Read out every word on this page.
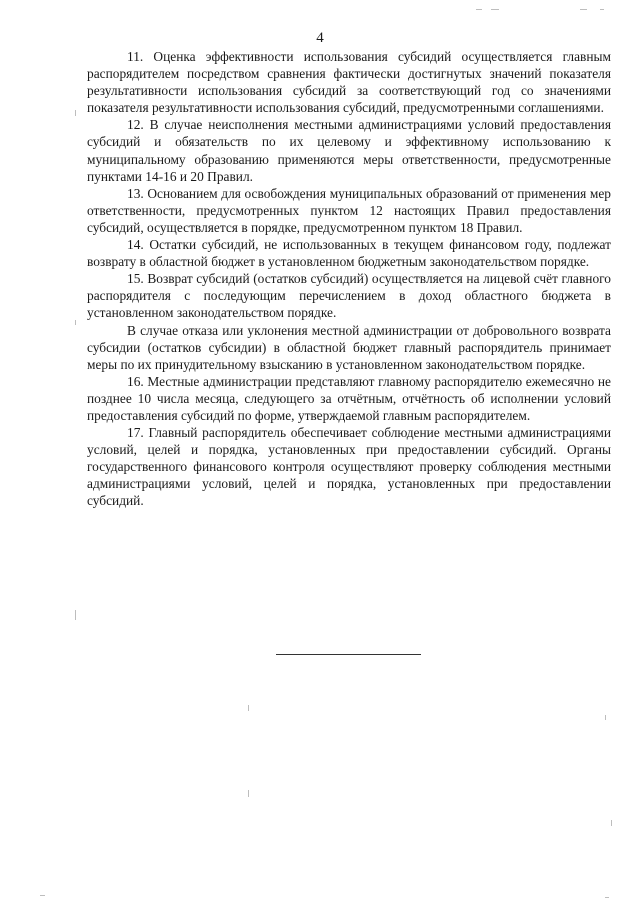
4

11. Оценка эффективности использования субсидий осуществляется главным распорядителем посредством сравнения фактически достигнутых значений показателя результативности использования субсидий за соответствующий год со значениями показателя результативности использования субсидий, предусмотренными соглашениями.

12. В случае неисполнения местными администрациями условий предоставления субсидий и обязательств по их целевому и эффективному использованию к муниципальному образованию применяются меры ответственности, предусмотренные пунктами 14-16 и 20 Правил.

13. Основанием для освобождения муниципальных образований от применения мер ответственности, предусмотренных пунктом 12 настоящих Правил предоставления субсидий, осуществляется в порядке, предусмотренном пунктом 18 Правил.

14. Остатки субсидий, не использованных в текущем финансовом году, подлежат возврату в областной бюджет в установленном бюджетным законодательством порядке.

15. Возврат субсидий (остатков субсидий) осуществляется на лицевой счёт главного распорядителя с последующим перечислением в доход областного бюджета в установленном законодательством порядке.

В случае отказа или уклонения местной администрации от добровольного возврата субсидии (остатков субсидии) в областной бюджет главный распорядитель принимает меры по их принудительному взысканию в установленном законодательством порядке.

16. Местные администрации представляют главному распорядителю ежемесячно не позднее 10 числа месяца, следующего за отчётным, отчётность об исполнении условий предоставления субсидий по форме, утверждаемой главным распорядителем.

17. Главный распорядитель обеспечивает соблюдение местными администрациями условий, целей и порядка, установленных при предоставлении субсидий. Органы государственного финансового контроля осуществляют проверку соблюдения местными администрациями условий, целей и порядка, установленных при предоставлении субсидий.
